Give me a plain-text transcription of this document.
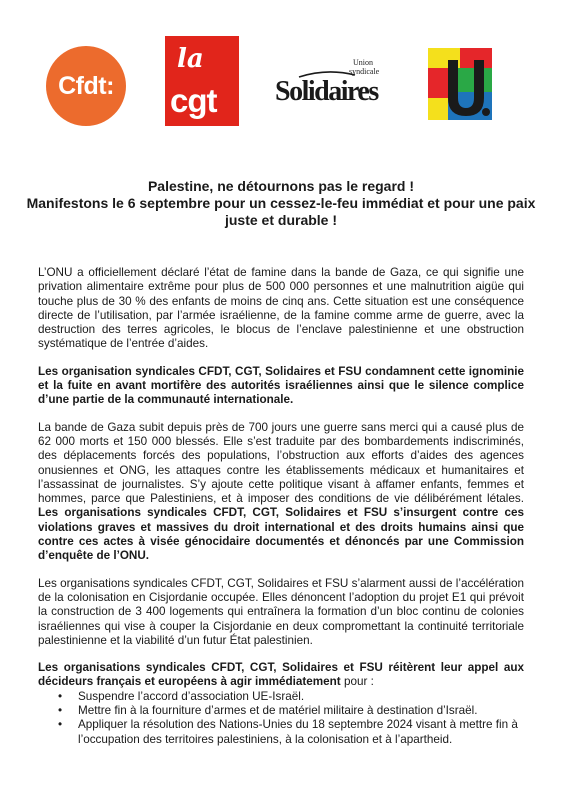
Cfdt:
la
cgt
Union
syndicale
Solidaires
Palestine, ne détournons pas le regard !
Manifestons le 6 septembre pour un cessez-le-feu immédiat et pour une paix juste et durable !

L’ONU a officiellement déclaré l’état de famine dans la bande de Gaza, ce qui signifie une privation alimentaire extrême pour plus de 500 000 personnes et une malnutrition aigüe qui touche plus de 30 % des enfants de moins de cinq ans. Cette situation est une conséquence directe de l’utilisation, par l’armée israélienne, de la famine comme arme de guerre, avec la destruction des terres agricoles, le blocus de l’enclave palestinienne et une obstruction systématique de l’entrée d’aides.

Les organisation syndicales CFDT, CGT, Solidaires et FSU condamnent cette ignominie et la fuite en avant mortifère des autorités israéliennes ainsi que le silence complice d’une partie de la communauté internationale.

La bande de Gaza subit depuis près de 700 jours une guerre sans merci qui a causé plus de 62 000 morts et 150 000 blessés. Elle s’est traduite par des bombardements indiscriminés, des déplacements forcés des populations, l’obstruction aux efforts d’aides des agences onusiennes et ONG, les attaques contre les établissements médicaux et humanitaires et l’assassinat de journalistes. S’y ajoute cette politique visant à affamer enfants, femmes et hommes, parce que Palestiniens, et à imposer des conditions de vie délibérément létales. Les organisations syndicales CFDT, CGT, Solidaires et FSU s’insurgent contre ces violations graves et massives du droit international et des droits humains ainsi que contre ces actes à visée génocidaire documentés et dénoncés par une Commission d’enquête de l’ONU.

Les organisations syndicales CFDT, CGT, Solidaires et FSU s’alarment aussi de l’accélération de la colonisation en Cisjordanie occupée. Elles dénoncent l’adoption du projet E1 qui prévoit la construction de 3 400 logements qui entraînera la formation d’un bloc continu de colonies israéliennes qui vise à couper la Cisjordanie en deux compromettant la continuité territoriale palestinienne et la viabilité d’un futur État palestinien.

Les organisations syndicales CFDT, CGT, Solidaires et FSU réitèrent leur appel aux décideurs français et européens à agir immédiatement pour :

• Suspendre l’accord d’association UE-Israël.
• Mettre fin à la fourniture d’armes et de matériel militaire à destination d’Israël.
• Appliquer la résolution des Nations-Unies du 18 septembre 2024 visant à mettre fin à l’occupation des territoires palestiniens, à la colonisation et à l’apartheid.
